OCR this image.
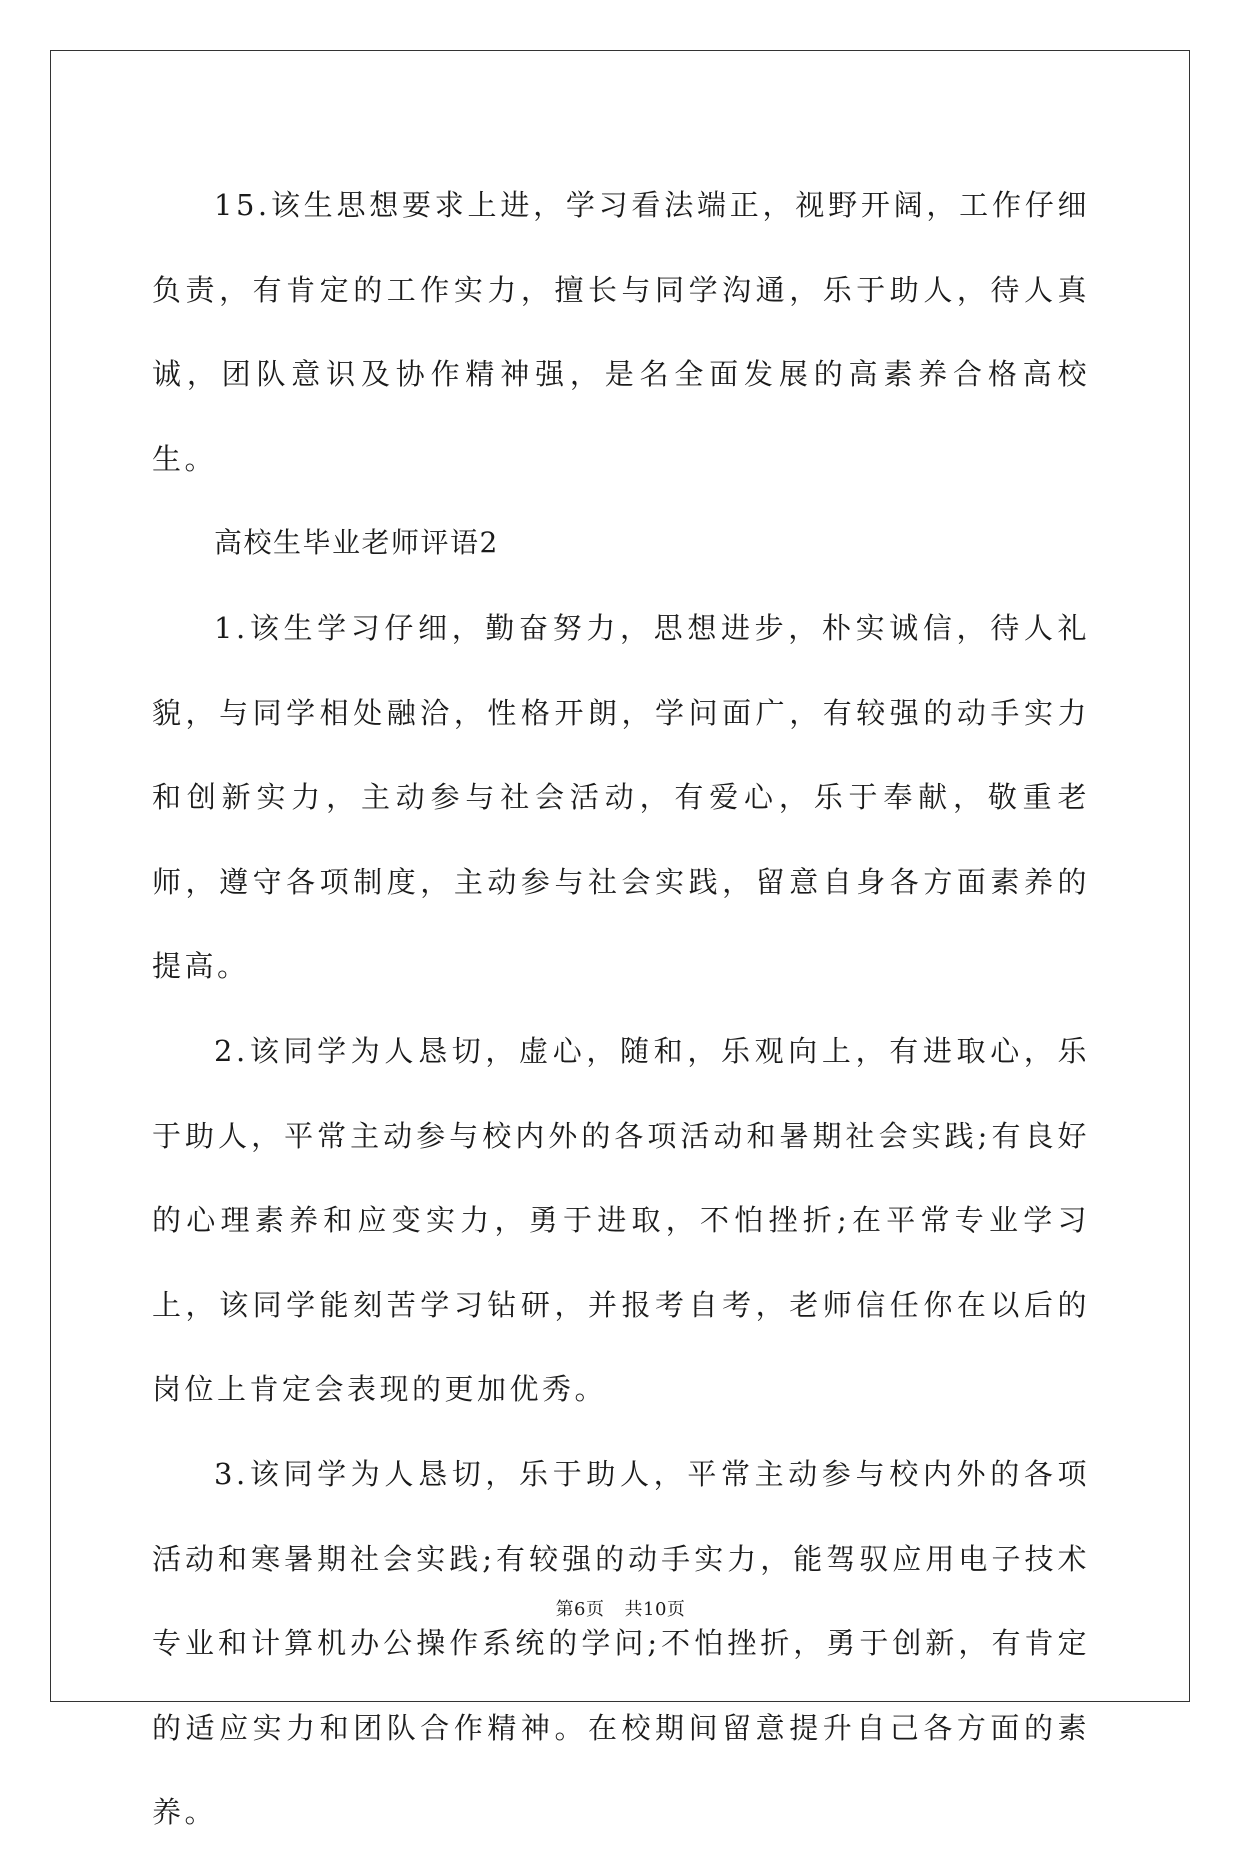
15.该生思想要求上进，学习看法端正，视野开阔，工作仔细负责，有肯定的工作实力，擅长与同学沟通，乐于助人，待人真诚，团队意识及协作精神强，是名全面发展的高素养合格高校生。

高校生毕业老师评语2

1.该生学习仔细，勤奋努力，思想进步，朴实诚信，待人礼貌，与同学相处融洽，性格开朗，学问面广，有较强的动手实力和创新实力，主动参与社会活动，有爱心，乐于奉献，敬重老师，遵守各项制度，主动参与社会实践，留意自身各方面素养的提高。

2.该同学为人恳切，虚心，随和，乐观向上，有进取心，乐于助人，平常主动参与校内外的各项活动和暑期社会实践;有良好的心理素养和应变实力，勇于进取，不怕挫折;在平常专业学习上，该同学能刻苦学习钻研，并报考自考，老师信任你在以后的岗位上肯定会表现的更加优秀。

3.该同学为人恳切，乐于助人，平常主动参与校内外的各项活动和寒暑期社会实践;有较强的动手实力，能驾驭应用电子技术专业和计算机办公操作系统的学问;不怕挫折，勇于创新，有肯定的适应实力和团队合作精神。在校期间留意提升自己各方面的素养。

第6页 共10页
